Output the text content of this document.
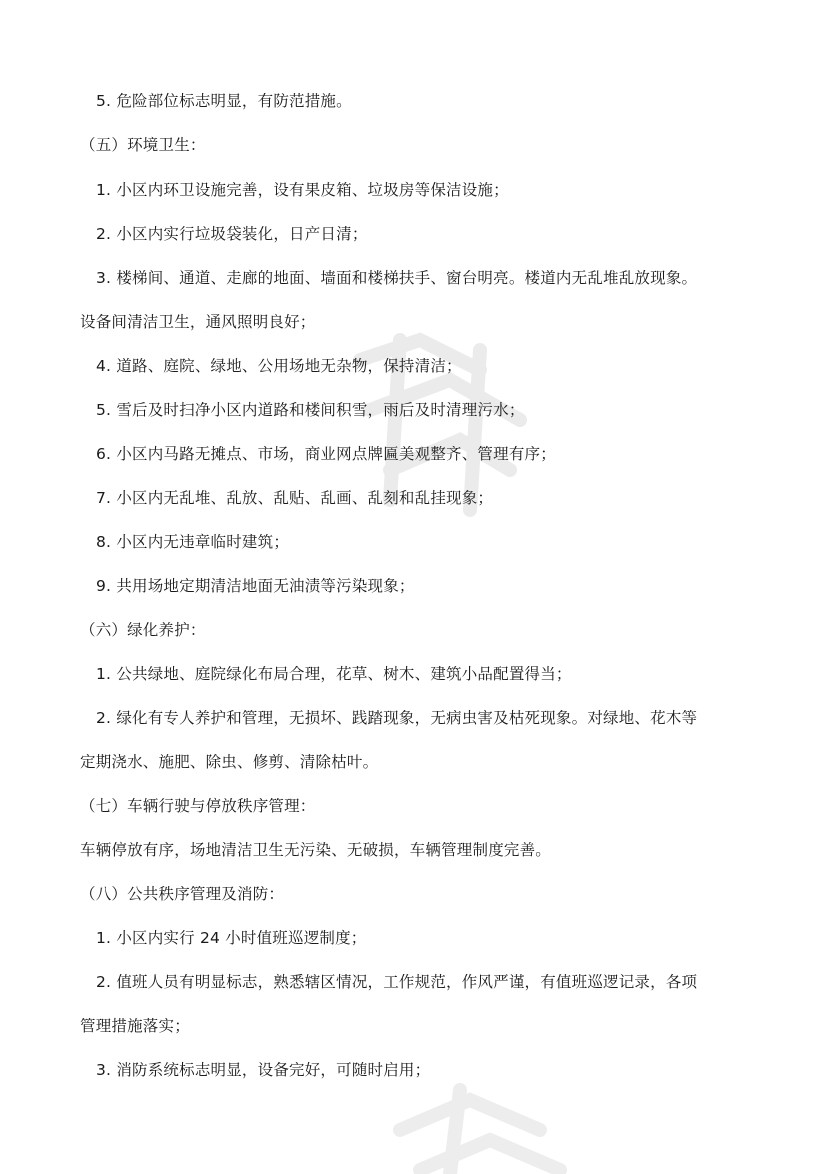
5. 危险部位标志明显，有防范措施。
（五）环境卫生：
1. 小区内环卫设施完善，设有果皮箱、垃圾房等保洁设施；
2. 小区内实行垃圾袋装化，日产日清；
3. 楼梯间、通道、走廊的地面、墙面和楼梯扶手、窗台明亮。楼道内无乱堆乱放现象。
设备间清洁卫生，通风照明良好；
4. 道路、庭院、绿地、公用场地无杂物，保持清洁；
5. 雪后及时扫净小区内道路和楼间积雪，雨后及时清理污水；
6. 小区内马路无摊点、市场，商业网点牌匾美观整齐、管理有序；
7. 小区内无乱堆、乱放、乱贴、乱画、乱刻和乱挂现象；
8. 小区内无违章临时建筑；
9. 共用场地定期清洁地面无油渍等污染现象；
（六）绿化养护：
1. 公共绿地、庭院绿化布局合理，花草、树木、建筑小品配置得当；
2. 绿化有专人养护和管理，无损坏、践踏现象，无病虫害及枯死现象。对绿地、花木等
定期浇水、施肥、除虫、修剪、清除枯叶。
（七）车辆行驶与停放秩序管理：
车辆停放有序，场地清洁卫生无污染、无破损，车辆管理制度完善。
（八）公共秩序管理及消防：
1. 小区内实行 24 小时值班巡逻制度；
2. 值班人员有明显标志，熟悉辖区情况，工作规范，作风严谨，有值班巡逻记录，各项
管理措施落实；
3. 消防系统标志明显，设备完好，可随时启用；
